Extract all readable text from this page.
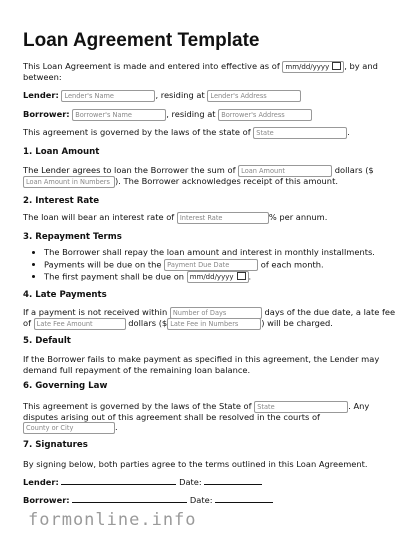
Loan Agreement Template
This Loan Agreement is made and entered into effective as of mm/dd/yyyy , by and
between:
Lender: Lender's Name	, residing at Lender's Address
Borrower: Borrower's Name	, residing at Borrower's Address
This agreement is governed by the laws of the state of State	.
1. Loan Amount
The Lender agrees to loan the Borrower the sum of Loan Amount	dollars ($
Loan Amount in Numbers ). The Borrower acknowledges receipt of this amount.
2. Interest Rate
The loan will bear an interest rate of Interest Rate	% per annum.
3. Repayment Terms
• The Borrower shall repay the loan amount and interest in monthly installments.
• Payments will be due on the Payment Due Date	of each month.
• The first payment shall be due on mm/dd/yyyy .
4. Late Payments
If a payment is not received within Number of Days	days of the due date, a late fee
of Late Fee Amount	dollars ($ Late Fee in Numbers	) will be charged.
5. Default
If the Borrower fails to make payment as specified in this agreement, the Lender may
demand full repayment of the remaining loan balance.
6. Governing Law
This agreement is governed by the laws of the State of State	. Any
disputes arising out of this agreement shall be resolved in the courts of
County or City	.
7. Signatures
By signing below, both parties agree to the terms outlined in this Loan Agreement.
Lender:	Date:
Borrower:	Date:
formonline.info
